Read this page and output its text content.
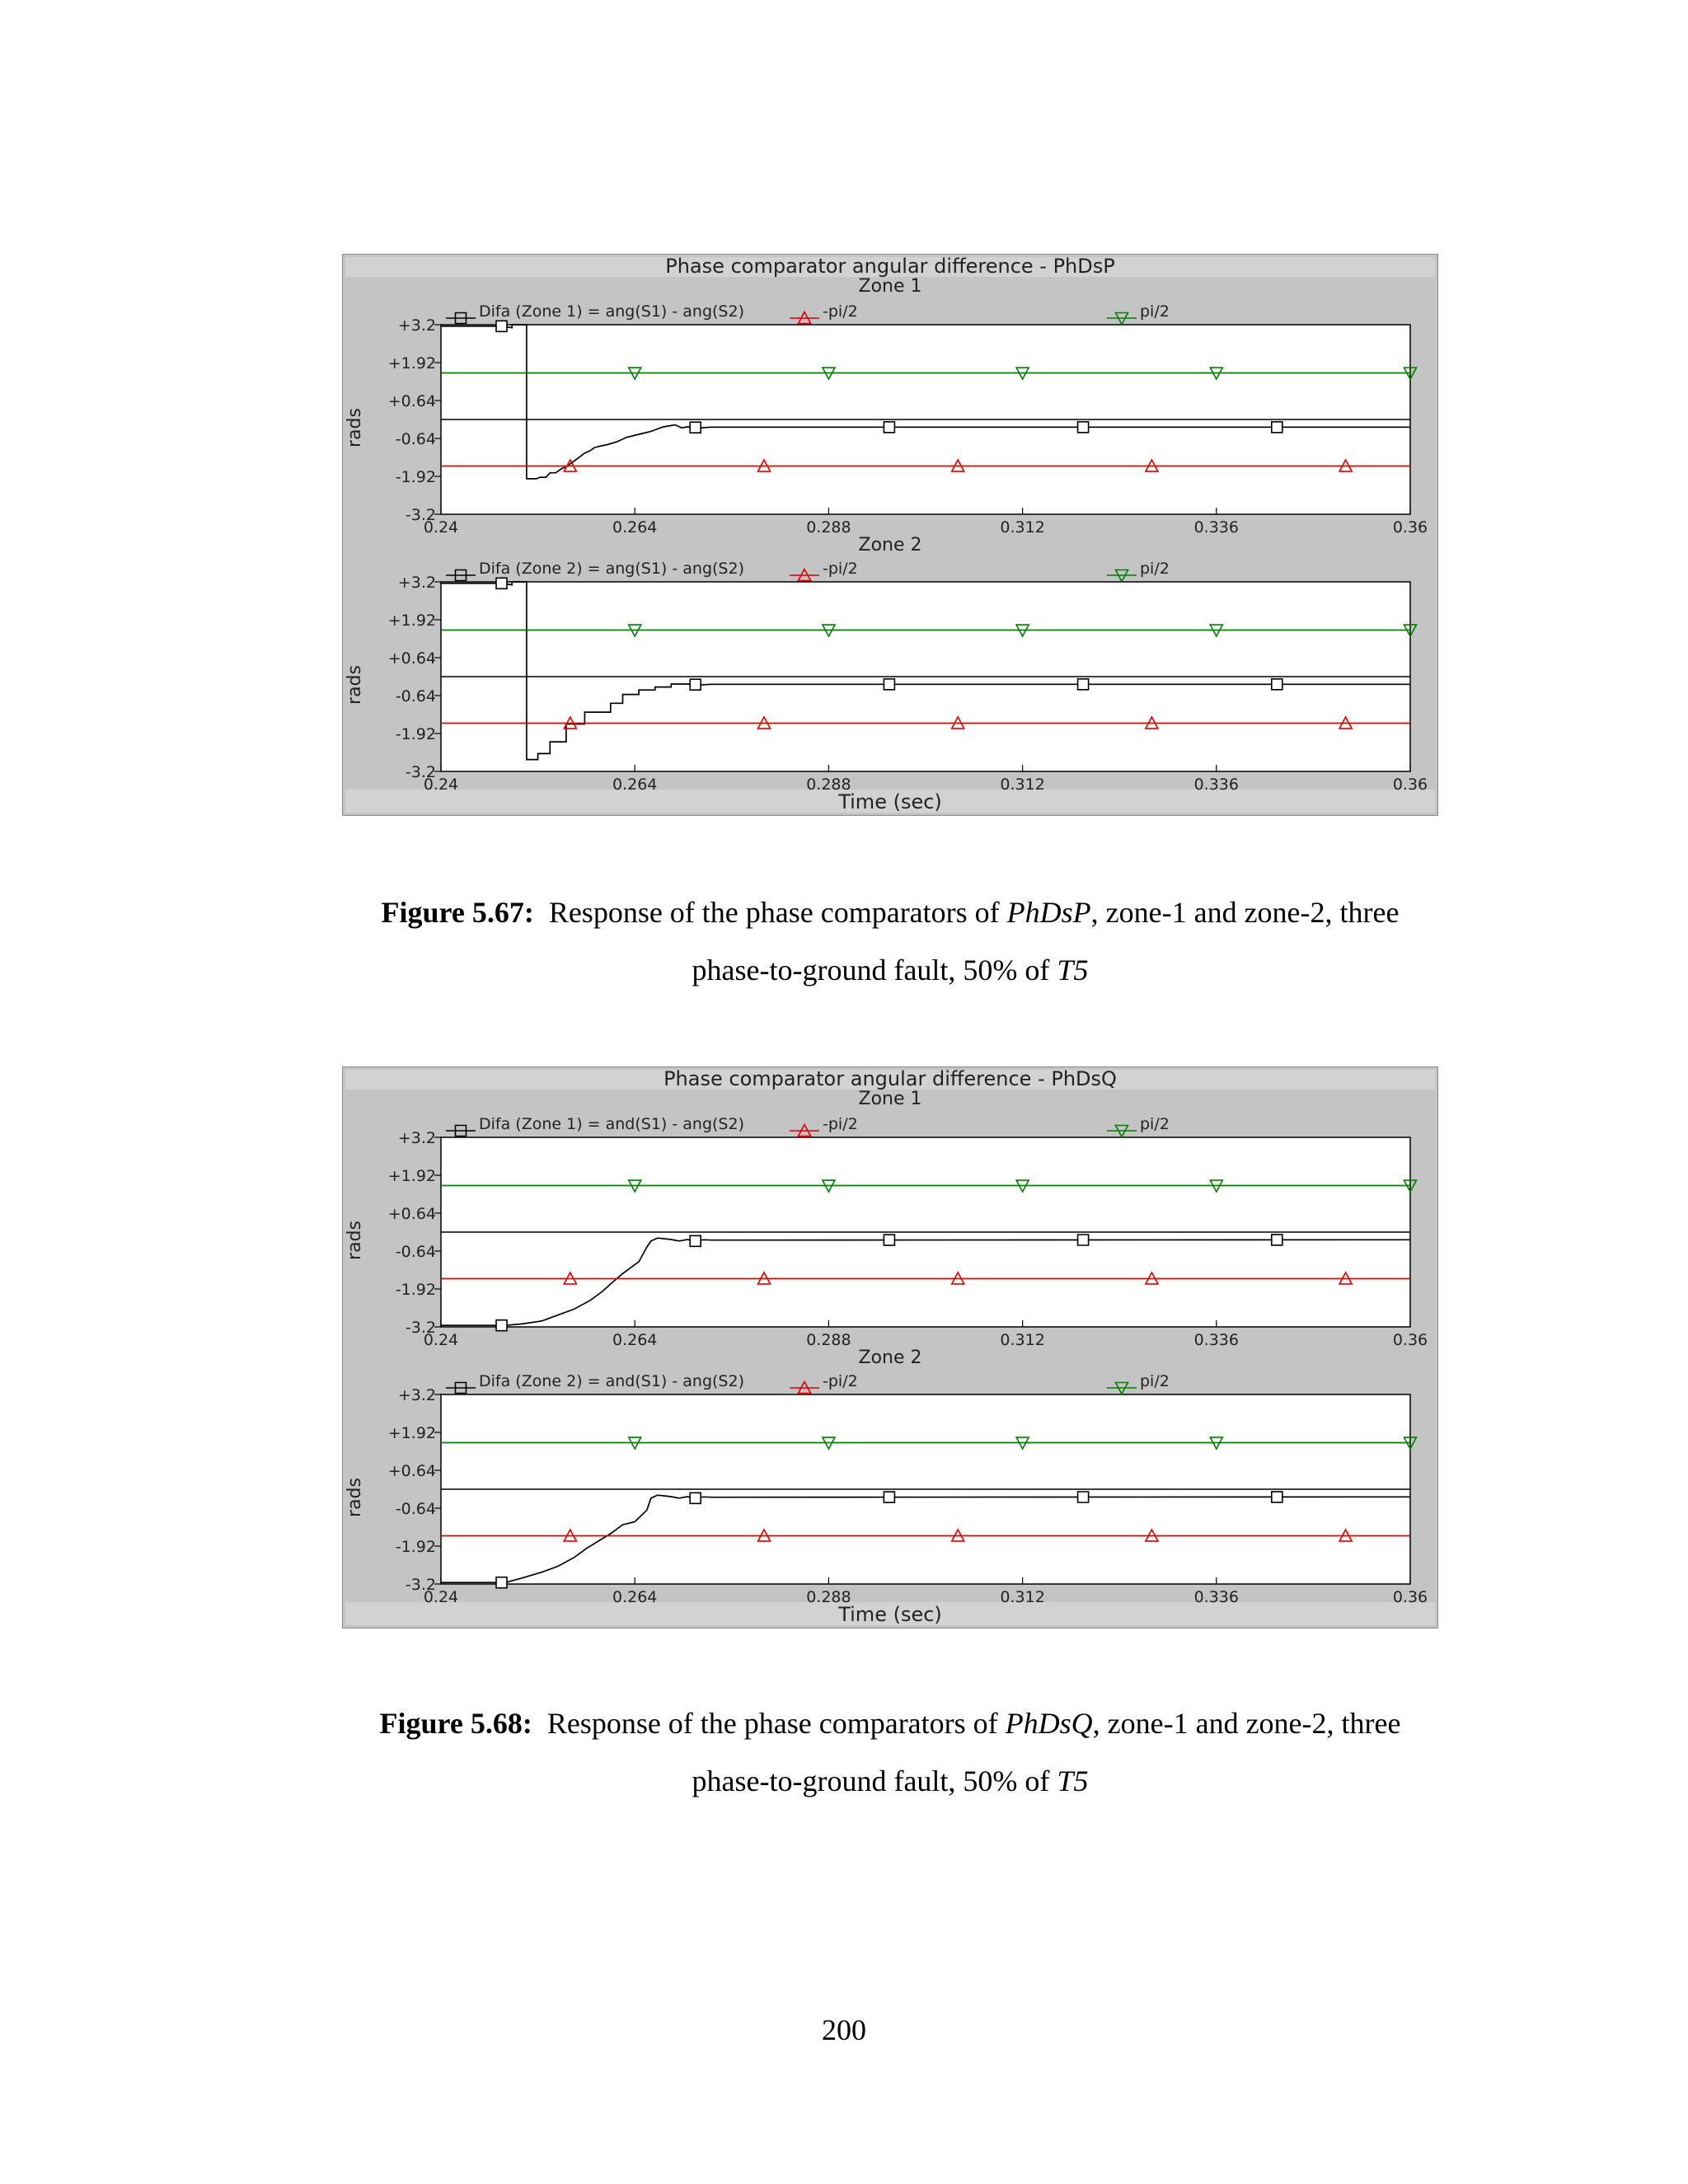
Phase comparator angular difference - PhDsP
Time (sec)
Zone 1
+3.2
+1.92
+0.64
-0.64
-1.92
-3.2
0.24	0.264	0.288	0.312	0.336	0.36
rads
Difa (Zone 1) = ang(S1) - ang(S2)	-pi/2	pi/2
Zone 2
+3.2
+1.92
+0.64
-0.64
-1.92
-3.2
0.24	0.264	0.288	0.312	0.336	0.36
rads
Difa (Zone 2) = ang(S1) - ang(S2)	-pi/2	pi/2
Figure 5.67: Response of the phase comparators of PhDsP, zone-1 and zone-2, three
phase-to-ground fault, 50% of T5
Phase comparator angular difference - PhDsQ
Time (sec)
Zone 1
+3.2
+1.92
+0.64
-0.64
-1.92
-3.2
0.24	0.264	0.288	0.312	0.336	0.36
rads
Difa (Zone 1) = and(S1) - ang(S2)	-pi/2	pi/2
Zone 2
+3.2
+1.92
+0.64
-0.64
-1.92
-3.2
0.24	0.264	0.288	0.312	0.336	0.36
rads
Difa (Zone 2) = and(S1) - ang(S2)	-pi/2	pi/2
Figure 5.68: Response of the phase comparators of PhDsQ, zone-1 and zone-2, three
phase-to-ground fault, 50% of T5
200
